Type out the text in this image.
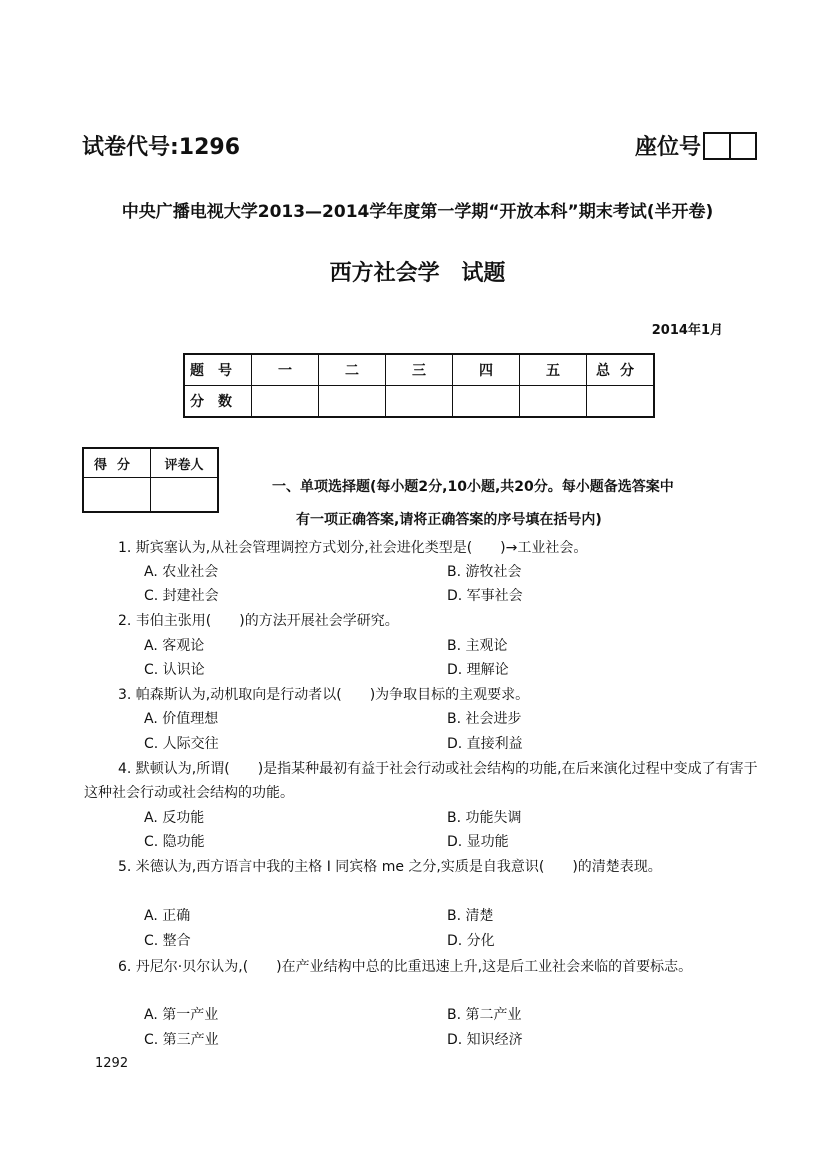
试卷代号:1296	座位号
中央广播电视大学2013—2014学年度第一学期“开放本科”期末考试(半开卷)
西方社会学 试题
2014年1月
题号	一	二	三	四	五	总分
分数						
得分	评卷人

一、单项选择题(每小题2分,10小题,共20分。每小题备选答案中
有一项正确答案,请将正确答案的序号填在括号内)
1. 斯宾塞认为,从社会管理调控方式划分,社会进化类型是(　　)→工业社会。
A. 农业社会	B. 游牧社会
C. 封建社会	D. 军事社会
2. 韦伯主张用(　　)的方法开展社会学研究。
A. 客观论	B. 主观论
C. 认识论	D. 理解论
3. 帕森斯认为,动机取向是行动者以(　　)为争取目标的主观要求。
A. 价值理想	B. 社会进步
C. 人际交往	D. 直接利益
4. 默顿认为,所谓(　　)是指某种最初有益于社会行动或社会结构的功能,在后来演化过程中变成了有害于这种社会行动或社会结构的功能。
A. 反功能	B. 功能失调
C. 隐功能	D. 显功能
5. 米德认为,西方语言中我的主格 I 同宾格 me 之分,实质是自我意识(　　)的清楚表现。
A. 正确	B. 清楚
C. 整合	D. 分化
6. 丹尼尔·贝尔认为,(　　)在产业结构中总的比重迅速上升,这是后工业社会来临的首要标志。
A. 第一产业	B. 第二产业
C. 第三产业	D. 知识经济
1292
